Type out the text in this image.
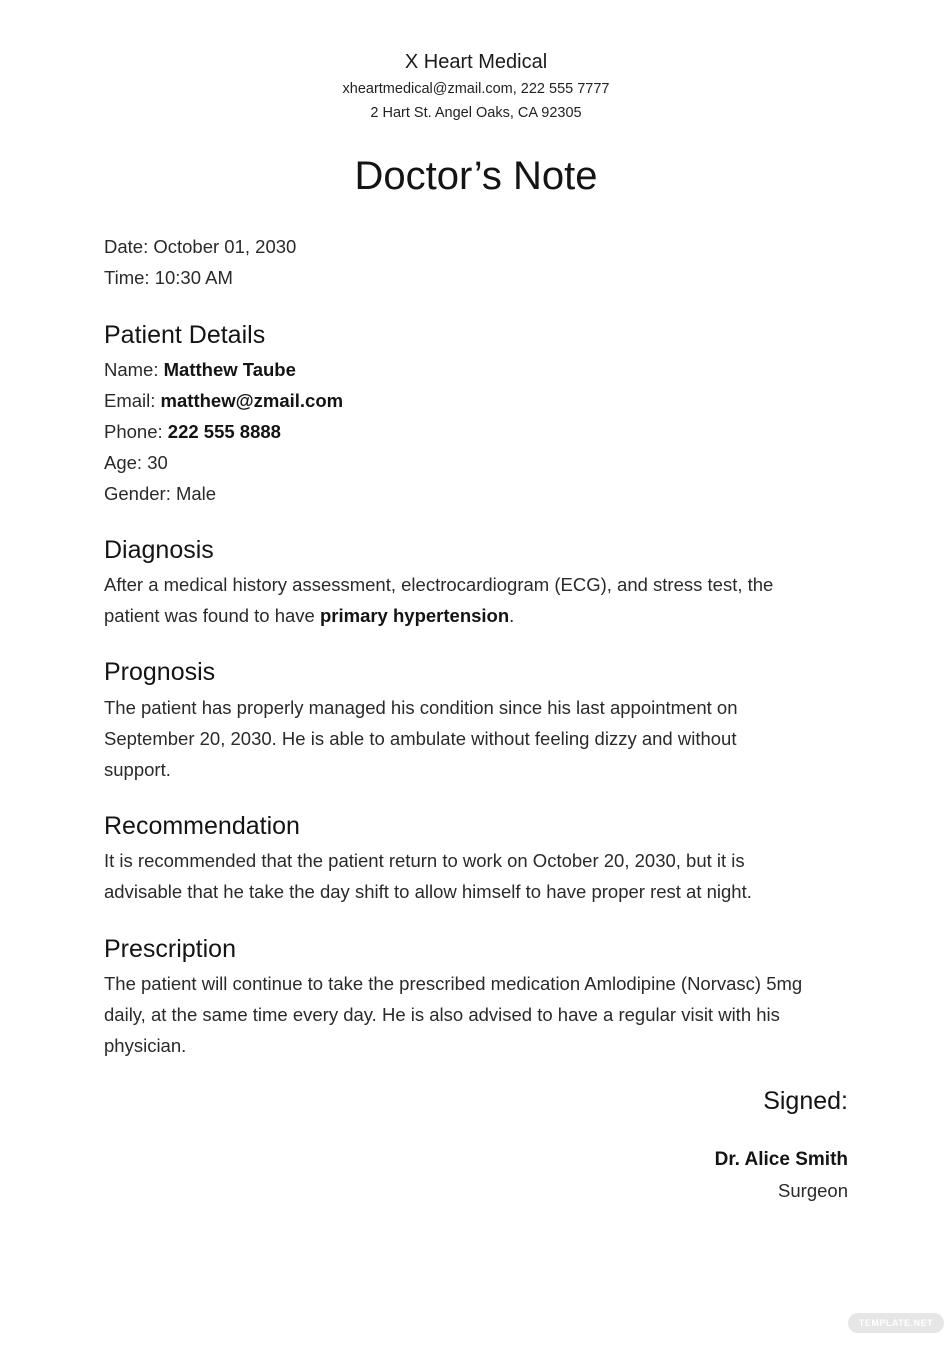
X Heart Medical
xheartmedical@zmail.com, 222 555 7777
2 Hart St. Angel Oaks, CA 92305
Doctor’s Note
Date: October 01, 2030
Time: 10:30 AM
Patient Details
Name: Matthew Taube
Email: matthew@zmail.com
Phone: 222 555 8888
Age: 30
Gender: Male
Diagnosis
After a medical history assessment, electrocardiogram (ECG), and stress test, the
patient was found to have primary hypertension.
Prognosis
The patient has properly managed his condition since his last appointment on
September 20, 2030. He is able to ambulate without feeling dizzy and without
support.
Recommendation
It is recommended that the patient return to work on October 20, 2030, but it is
advisable that he take the day shift to allow himself to have proper rest at night.
Prescription
The patient will continue to take the prescribed medication Amlodipine (Norvasc) 5mg
daily, at the same time every day. He is also advised to have a regular visit with his
physician.
Signed:
Dr. Alice Smith
Surgeon
TEMPLATE.NET
